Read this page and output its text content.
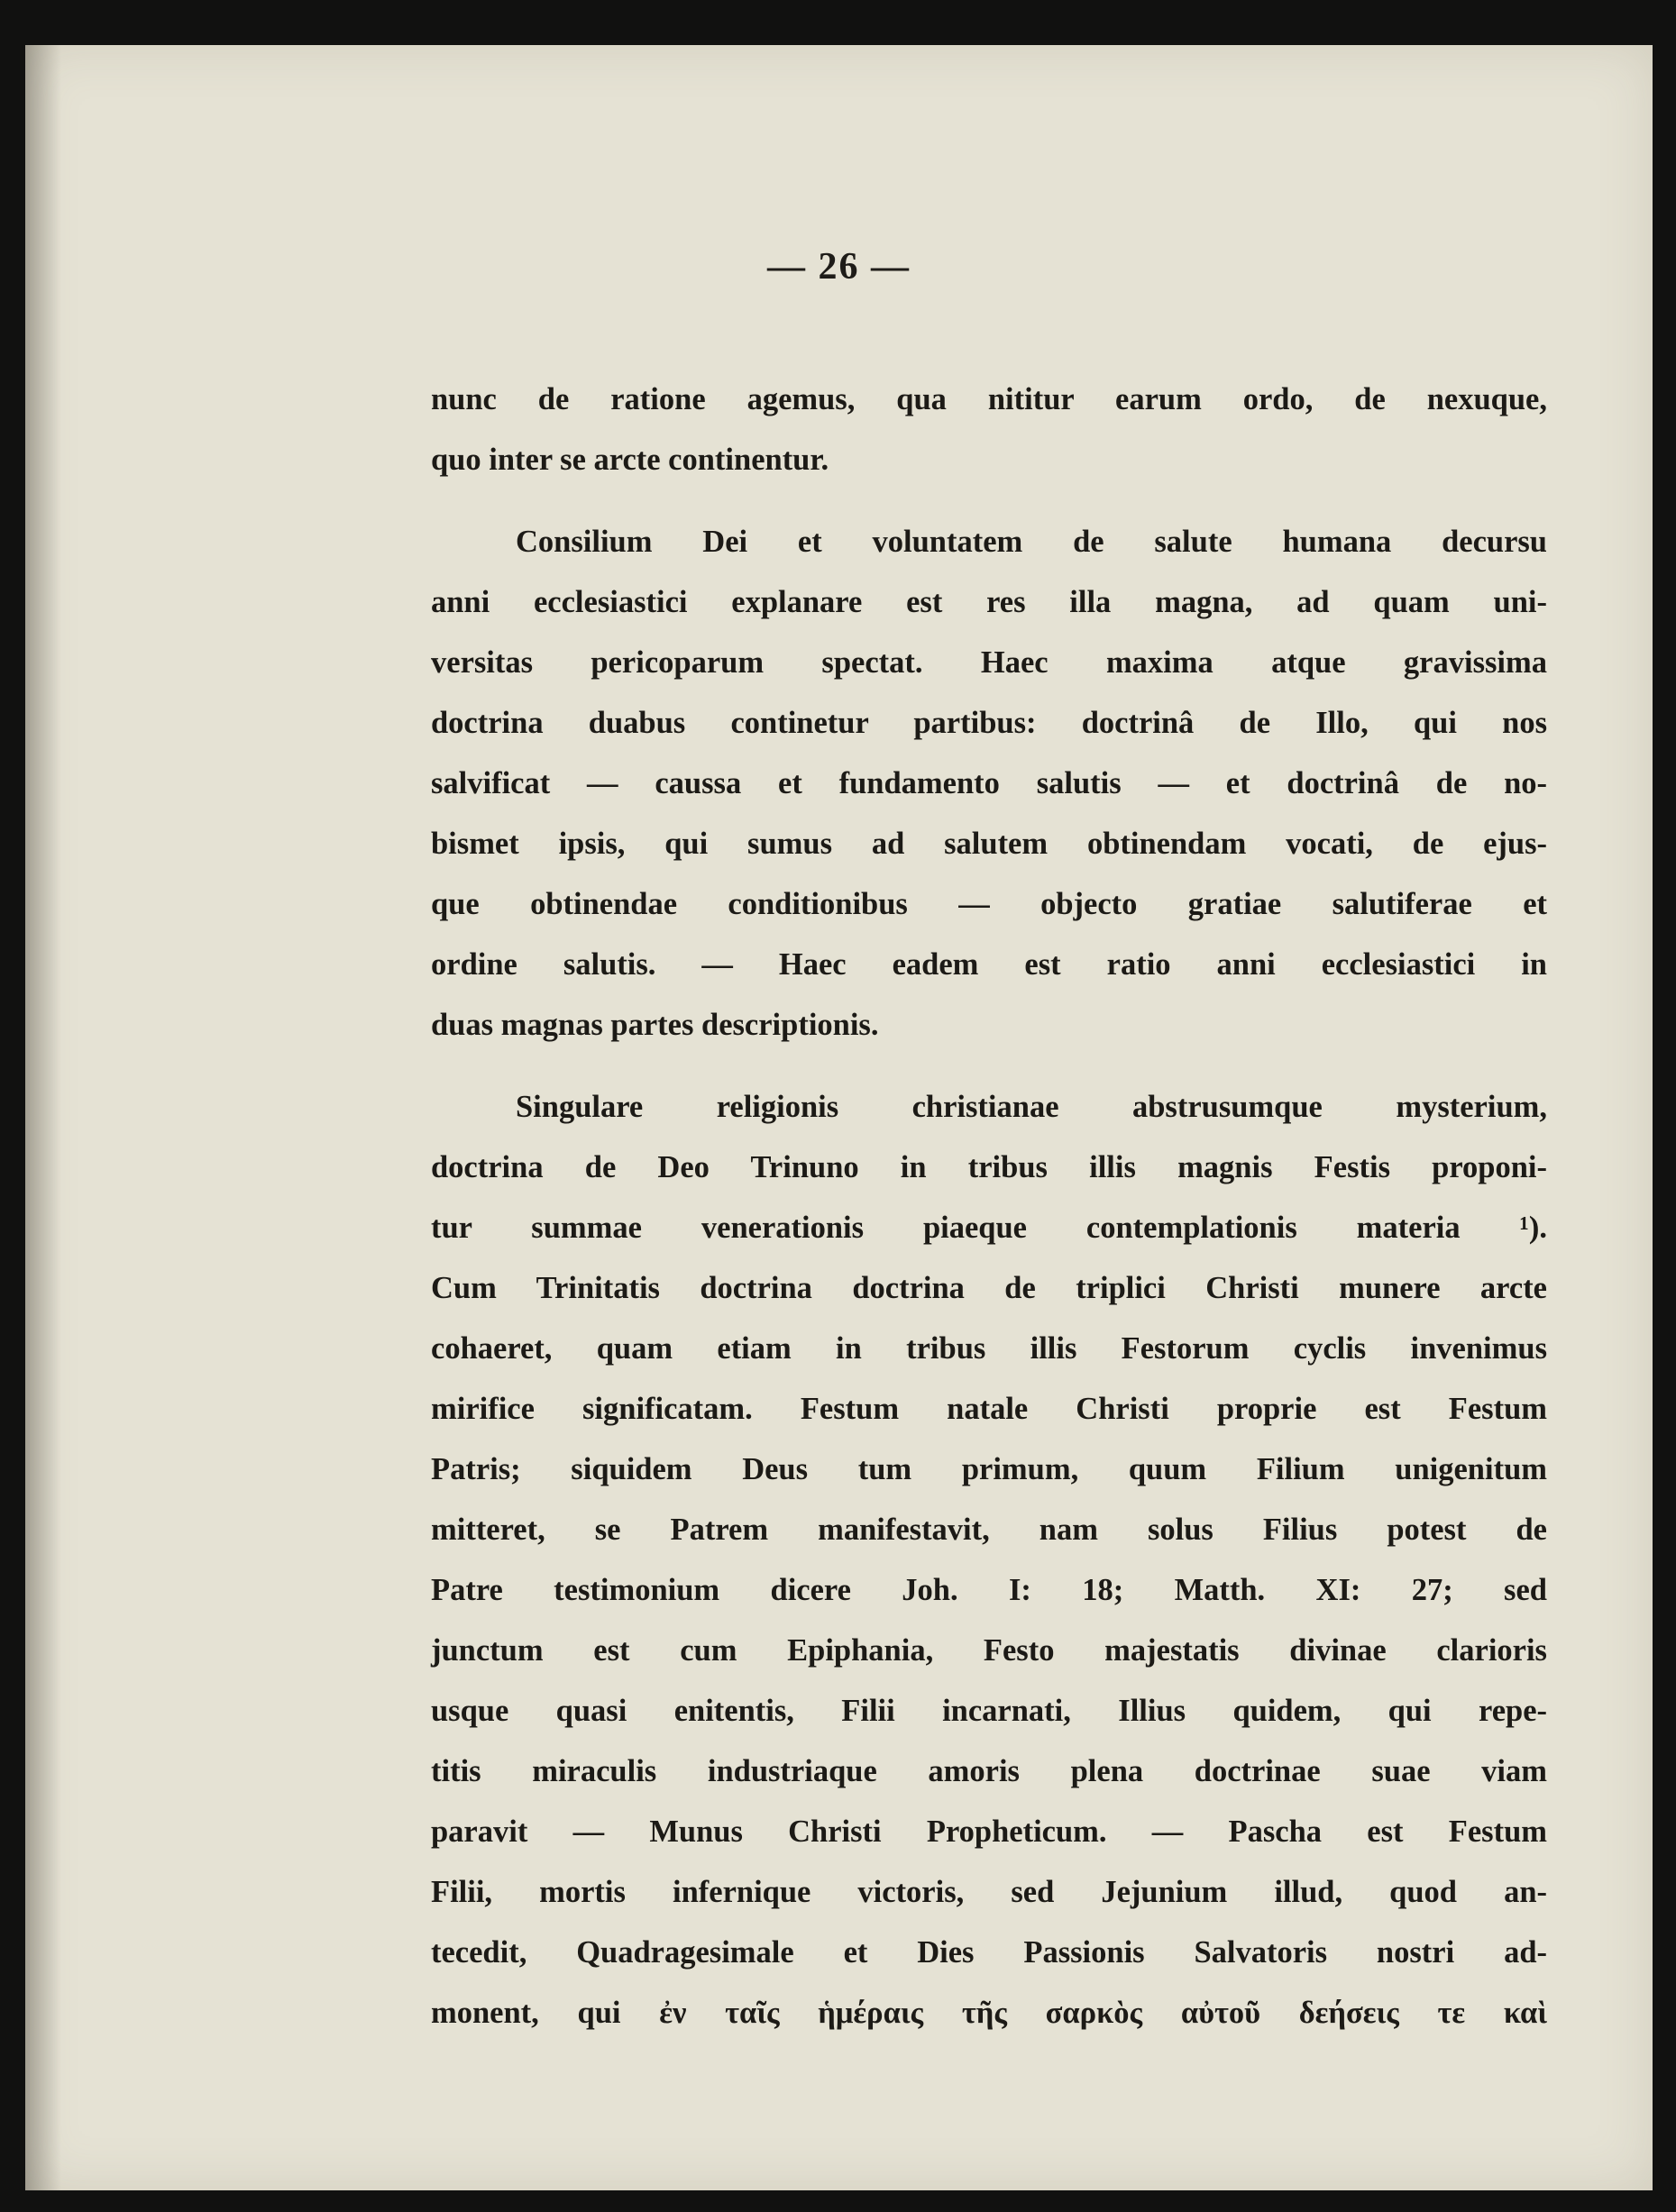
— 26 —
nunc de ratione agemus, qua nititur earum ordo, de nexuque,
quo inter se arcte continentur.
Consilium Dei et voluntatem de salute humana decursu
anni ecclesiastici explanare est res illa magna, ad quam uni-
versitas pericoparum spectat. Haec maxima atque gravissima
doctrina duabus continetur partibus: doctrinâ de Illo, qui nos
salvificat — caussa et fundamento salutis — et doctrinâ de no-
bismet ipsis, qui sumus ad salutem obtinendam vocati, de ejus-
que obtinendae conditionibus — objecto gratiae salutiferae et
ordine salutis. — Haec eadem est ratio anni ecclesiastici in
duas magnas partes descriptionis.
Singulare religionis christianae abstrusumque mysterium,
doctrina de Deo Trinuno in tribus illis magnis Festis proponi-
tur summae venerationis piaeque contemplationis materia ¹).
Cum Trinitatis doctrina doctrina de triplici Christi munere arcte
cohaeret, quam etiam in tribus illis Festorum cyclis invenimus
mirifice significatam. Festum natale Christi proprie est Festum
Patris; siquidem Deus tum primum, quum Filium unigenitum
mitteret, se Patrem manifestavit, nam solus Filius potest de
Patre testimonium dicere Joh. I: 18; Matth. XI: 27; sed
junctum est cum Epiphania, Festo majestatis divinae clarioris
usque quasi enitentis, Filii incarnati, Illius quidem, qui repe-
titis miraculis industriaque amoris plena doctrinae suae viam
paravit — Munus Christi Propheticum. — Pascha est Festum
Filii, mortis infernique victoris, sed Jejunium illud, quod an-
tecedit, Quadragesimale et Dies Passionis Salvatoris nostri ad-
monent, qui ἐν ταῖς ἡμέραις τῆς σαρκὸς αὐτοῦ δεήσεις τε καὶ
